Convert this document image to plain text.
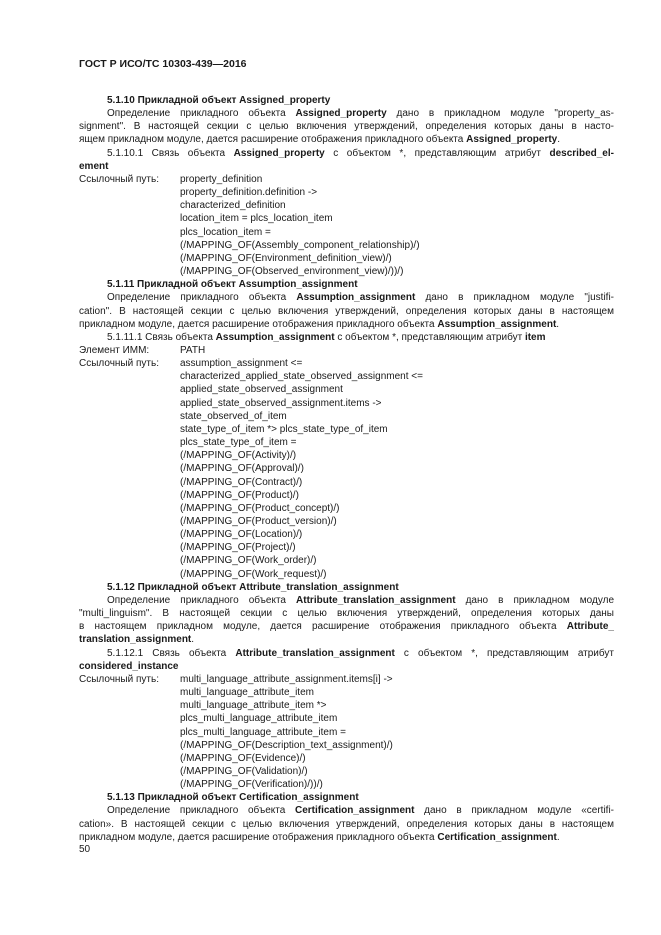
ГОСТ Р ИСО/ТС 10303-439—2016
5.1.10 Прикладной объект Assigned_property
Определение прикладного объекта Assigned_property дано в прикладном модуле "property_as-
signment". В настоящей секции с целью включения утверждений, определения которых даны в насто-
ящем прикладном модуле, дается расширение отображения прикладного объекта Assigned_property.
5.1.10.1 Связь объекта Assigned_property с объектом *, представляющим атрибут described_el-
ement
Ссылочный путь:	property_definition
property_definition.definition ->
characterized_definition
location_item = plcs_location_item
plcs_location_item =
(/MAPPING_OF(Assembly_component_relationship)/)
(/MAPPING_OF(Environment_definition_view)/)
(/MAPPING_OF(Observed_environment_view)/))/)
5.1.11 Прикладной объект Assumption_assignment
Определение прикладного объекта Assumption_assignment дано в прикладном модуле "justifi-
cation". В настоящей секции с целью включения утверждений, определения которых даны в настоящем
прикладном модуле, дается расширение отображения прикладного объекта Assumption_assignment.
5.1.11.1 Связь объекта Assumption_assignment с объектом *, представляющим атрибут item
Элемент ИММ:	PATH
Ссылочный путь:	assumption_assignment <=
characterized_applied_state_observed_assignment <=
applied_state_observed_assignment
applied_state_observed_assignment.items ->
state_observed_of_item
state_type_of_item *> plcs_state_type_of_item
plcs_state_type_of_item =
(/MAPPING_OF(Activity)/)
(/MAPPING_OF(Approval)/)
(/MAPPING_OF(Contract)/)
(/MAPPING_OF(Product)/)
(/MAPPING_OF(Product_concept)/)
(/MAPPING_OF(Product_version)/)
(/MAPPING_OF(Location)/)
(/MAPPING_OF(Project)/)
(/MAPPING_OF(Work_order)/)
(/MAPPING_OF(Work_request)/)
5.1.12 Прикладной объект Attribute_translation_assignment
Определение прикладного объекта Attribute_translation_assignment дано в прикладном модуле
"multi_linguism". В настоящей секции с целью включения утверждений, определения которых даны
в настоящем прикладном модуле, дается расширение отображения прикладного объекта Attribute_
translation_assignment.
5.1.12.1 Связь объекта Attribute_translation_assignment с объектом *, представляющим атрибут
considered_instance
Ссылочный путь:	multi_language_attribute_assignment.items[i] ->
multi_language_attribute_item
multi_language_attribute_item *>
plcs_multi_language_attribute_item
plcs_multi_language_attribute_item =
(/MAPPING_OF(Description_text_assignment)/)
(/MAPPING_OF(Evidence)/)
(/MAPPING_OF(Validation)/)
(/MAPPING_OF(Verification)/))/)
5.1.13 Прикладной объект Certification_assignment
Определение прикладного объекта Certification_assignment дано в прикладном модуле «certifi-
cation». В настоящей секции с целью включения утверждений, определения которых даны в настоящем
прикладном модуле, дается расширение отображения прикладного объекта Certification_assignment.
50
